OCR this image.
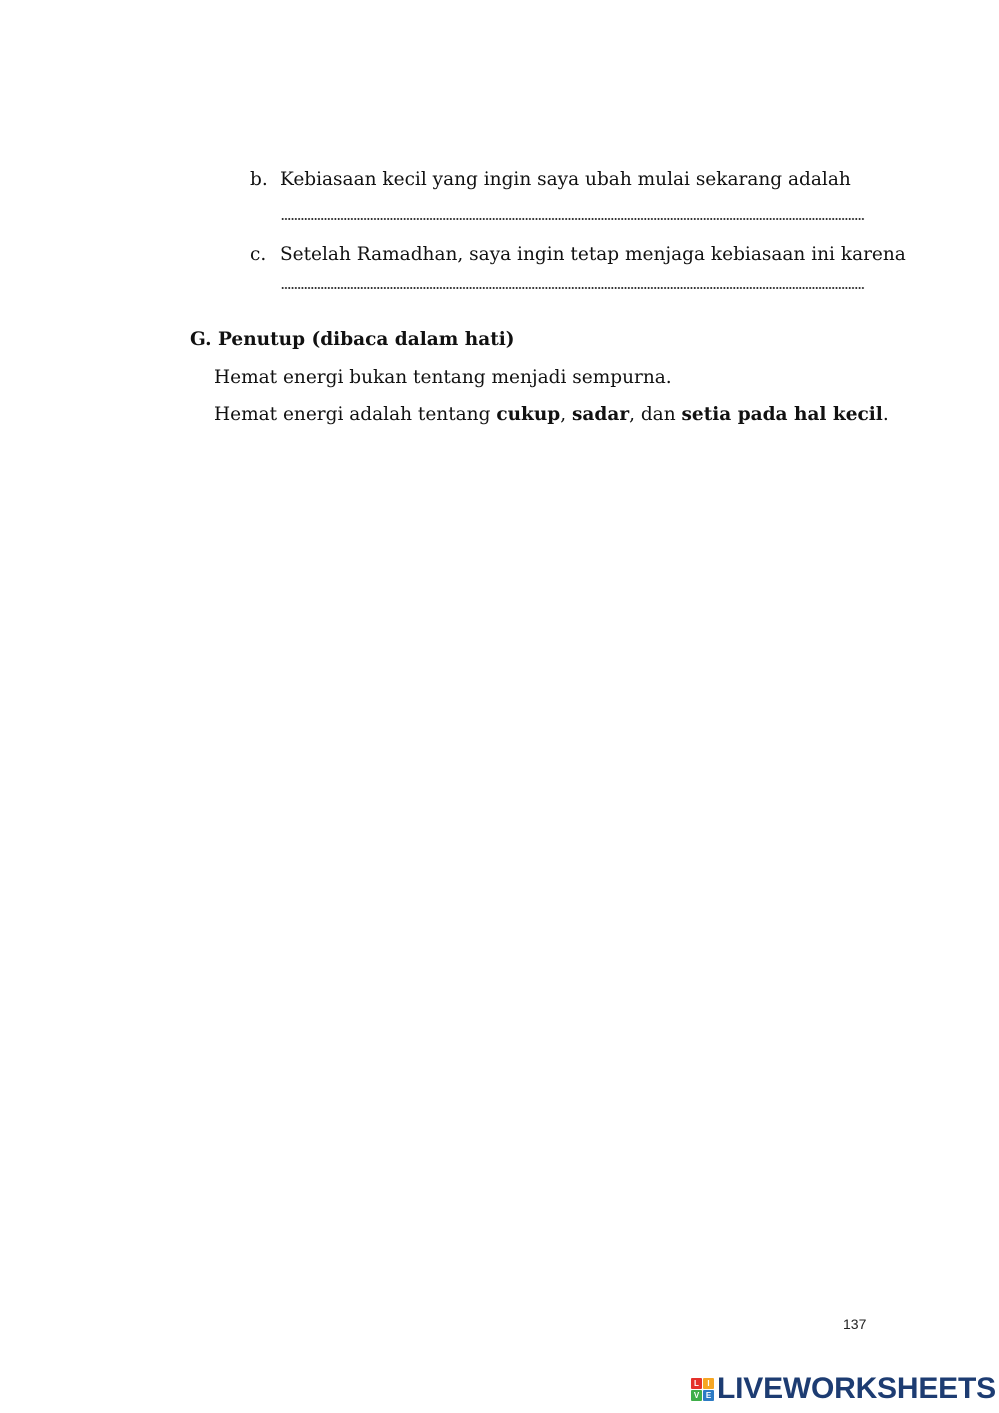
b. Kebiasaan kecil yang ingin saya ubah mulai sekarang adalah
c. Setelah Ramadhan, saya ingin tetap menjaga kebiasaan ini karena
G. Penutup (dibaca dalam hati)
Hemat energi bukan tentang menjadi sempurna.
Hemat energi adalah tentang cukup, sadar, dan setia pada hal kecil.
137
L	I
V E LIVEWORKSHEETS
